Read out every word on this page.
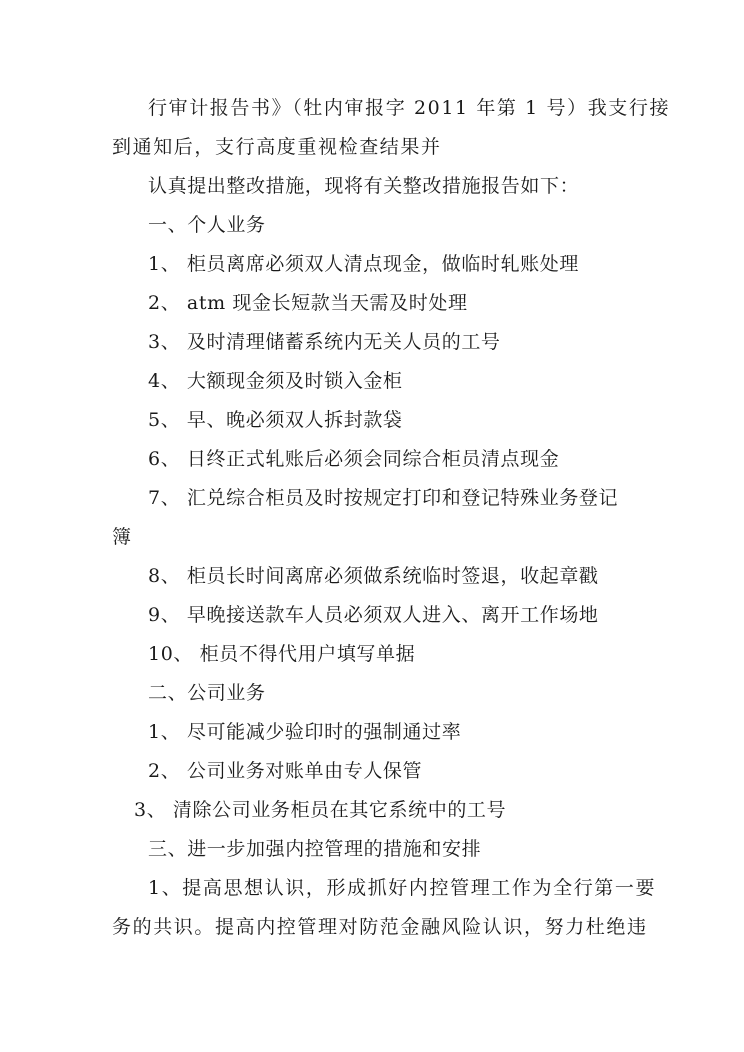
行审计报告书》（牡内审报字 2011 年第 1 号）我支行接
到通知后，支行高度重视检查结果并
认真提出整改措施，现将有关整改措施报告如下：
一、个人业务
1、 柜员离席必须双人清点现金，做临时轧账处理
2、 atm 现金长短款当天需及时处理
3、 及时清理储蓄系统内无关人员的工号
4、 大额现金须及时锁入金柜
5、 早、晚必须双人拆封款袋
6、 日终正式轧账后必须会同综合柜员清点现金
7、 汇兑综合柜员及时按规定打印和登记特殊业务登记
簿
8、 柜员长时间离席必须做系统临时签退，收起章戳
9、 早晚接送款车人员必须双人进入、离开工作场地
10、 柜员不得代用户填写单据
二、公司业务
1、 尽可能减少验印时的强制通过率
2、 公司业务对账单由专人保管
3、 清除公司业务柜员在其它系统中的工号
三、进一步加强内控管理的措施和安排
1、提高思想认识，形成抓好内控管理工作为全行第一要
务的共识。提高内控管理对防范金融风险认识，努力杜绝违
